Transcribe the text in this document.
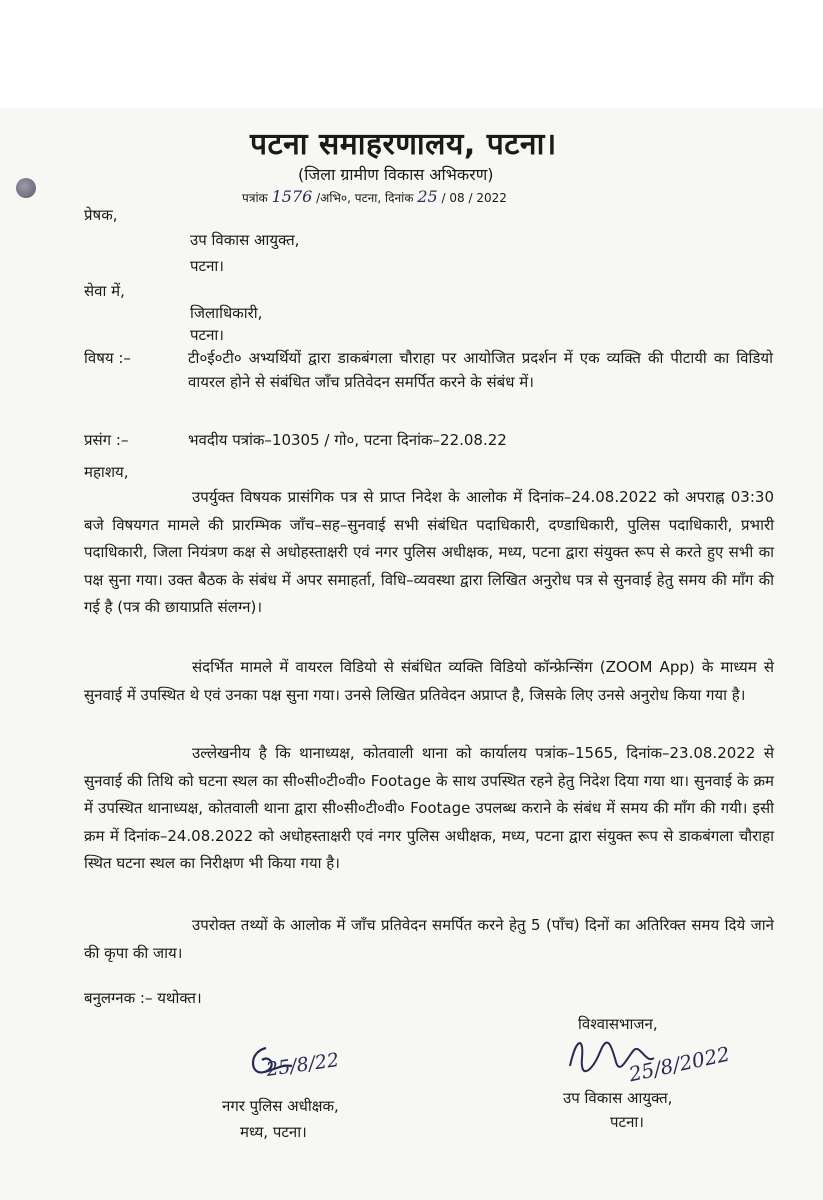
पटना समाहरणालय, पटना।
(जिला ग्रामीण विकास अभिकरण)
पत्रांक 1576 /अभि०, पटना, दिनांक 25 / 08 / 2022
प्रेषक,
उप विकास आयुक्त,
पटना।
सेवा में,
जिलाधिकारी,
पटना।
विषय :–	टी०ई०टी० अभ्यर्थियों द्वारा डाकबंगला चौराहा पर आयोजित प्रदर्शन में एक व्यक्ति की पीटायी का विडियो वायरल होने से संबंधित जाँच प्रतिवेदन समर्पित करने के संबंध में।
प्रसंग :–	भवदीय पत्रांक–10305 / गो०, पटना दिनांक–22.08.22
महाशय,

उपर्युक्त विषयक प्रासंगिक पत्र से प्राप्त निदेश के आलोक में दिनांक–24.08.2022 को अपराह्न 03:30 बजे विषयगत मामले की प्रारम्भिक जाँच–सह–सुनवाई सभी संबंधित पदाधिकारी, दण्डाधिकारी, पुलिस पदाधिकारी, प्रभारी पदाधिकारी, जिला नियंत्रण कक्ष से अधोहस्ताक्षरी एवं नगर पुलिस अधीक्षक, मध्य, पटना द्वारा संयुक्त रूप से करते हुए सभी का पक्ष सुना गया। उक्त बैठक के संबंध में अपर समाहर्ता, विधि–व्यवस्था द्वारा लिखित अनुरोध पत्र से सुनवाई हेतु समय की माँग की गई है (पत्र की छायाप्रति संलग्न)।

संदर्भित मामले में वायरल विडियो से संबंधित व्यक्ति विडियो कॉन्फ्रेन्सिंग (ZOOM App) के माध्यम से सुनवाई में उपस्थित थे एवं उनका पक्ष सुना गया। उनसे लिखित प्रतिवेदन अप्राप्त है, जिसके लिए उनसे अनुरोध किया गया है।

उल्लेखनीय है कि थानाध्यक्ष, कोतवाली थाना को कार्यालय पत्रांक–1565, दिनांक–23.08.2022 से सुनवाई की तिथि को घटना स्थल का सी०सी०टी०वी० Footage के साथ उपस्थित रहने हेतु निदेश दिया गया था। सुनवाई के क्रम में उपस्थित थानाध्यक्ष, कोतवाली थाना द्वारा सी०सी०टी०वी० Footage उपलब्ध कराने के संबंध में समय की माँग की गयी। इसी क्रम में दिनांक–24.08.2022 को अधोहस्ताक्षरी एवं नगर पुलिस अधीक्षक, मध्य, पटना द्वारा संयुक्त रूप से डाकबंगला चौराहा स्थित घटना स्थल का निरीक्षण भी किया गया है।

उपरोक्त तथ्यों के आलोक में जाँच प्रतिवेदन समर्पित करने हेतु 5 (पाँच) दिनों का अतिरिक्त समय दिये जाने की कृपा की जाय।

बनुलग्नक :– यथोक्त।
विश्वासभाजन,
25/8/2022
उप विकास आयुक्त,
पटना।
25/8/22
नगर पुलिस अधीक्षक,
मध्य, पटना।
